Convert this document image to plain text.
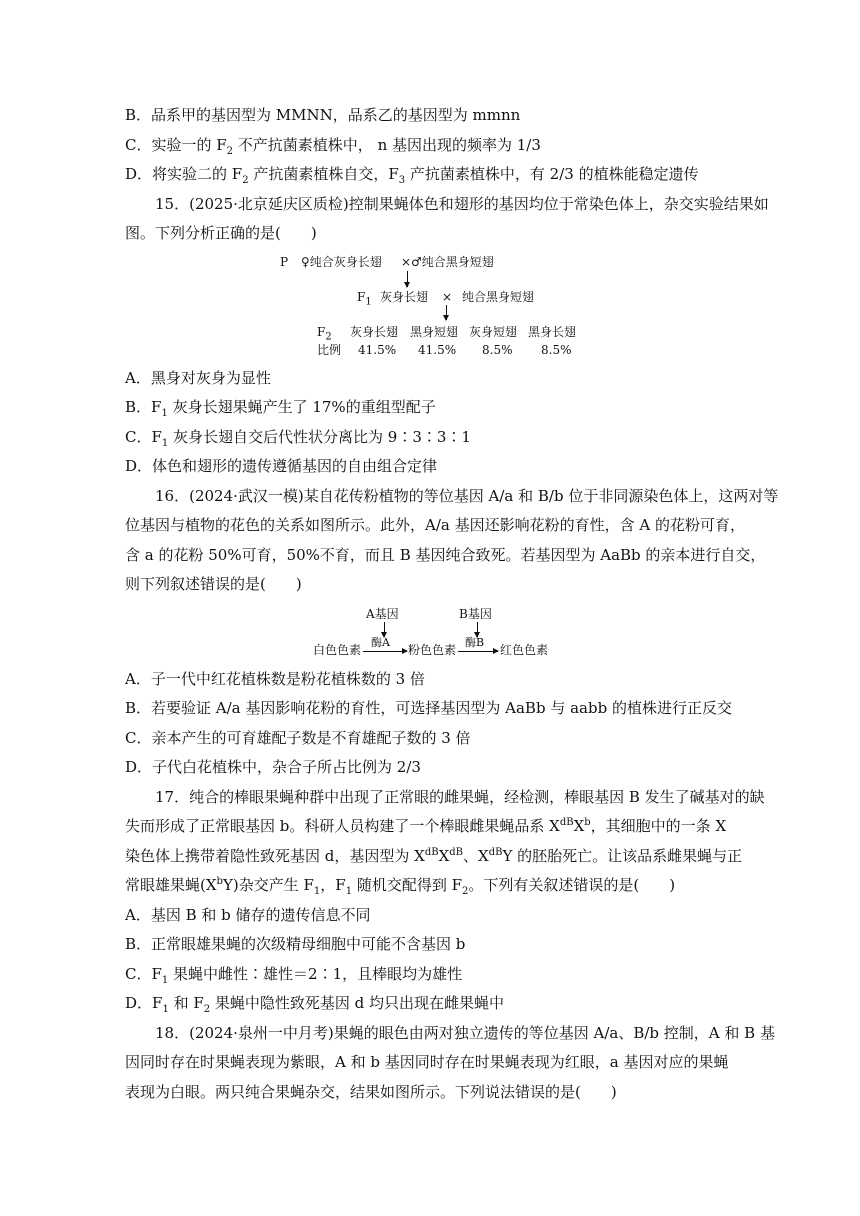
B．品系甲的基因型为 MMNN，品系乙的基因型为 mmnn
C．实验一的 $F_2$ 不产抗菌素植株中， n 基因出现的频率为 1/3
D．将实验二的 $F_2$ 产抗菌素植株自交，$F_3$ 产抗菌素植株中，有 2/3 的植株能稳定遗传
15．(2025·北京延庆区质检)控制果蝇体色和翅形的基因均位于常染色体上，杂交实验结果如
图。下列分析正确的是(　　)
P ♀纯合灰身长翅 × ♂纯合黑身短翅
$F_1$ 灰身长翅 × 纯合黑身短翅
$F_2$ 灰身长翅 黑身短翅 灰身短翅 黑身长翅
比例 41.5% 41.5% 8.5% 8.5%
A．黑身对灰身为显性
B．$F_1$ 灰身长翅果蝇产生了 17%的重组型配子
C．$F_1$ 灰身长翅自交后代性状分离比为 9∶3∶3∶1
D．体色和翅形的遗传遵循基因的自由组合定律
16．(2024·武汉一模)某自花传粉植物的等位基因 A/a 和 B/b 位于非同源染色体上，这两对等
位基因与植物的花色的关系如图所示。此外，A/a 基因还影响花粉的育性，含 A 的花粉可育，
含 a 的花粉 50%可育，50%不育，而且 B 基因纯合致死。若基因型为 AaBb 的亲本进行自交，
则下列叙述错误的是(　　)
A基因	B基因
酶A	酶B
白色色素	粉色色素	红色色素
A．子一代中红花植株数是粉花植株数的 3 倍
B．若要验证 A/a 基因影响花粉的育性，可选择基因型为 AaBb 与 aabb 的植株进行正反交
C．亲本产生的可育雄配子数是不育雄配子数的 3 倍
D．子代白花植株中，杂合子所占比例为 2/3
17．纯合的棒眼果蝇种群中出现了正常眼的雌果蝇，经检测，棒眼基因 B 发生了碱基对的缺
失而形成了正常眼基因 b。科研人员构建了一个棒眼雌果蝇品系 $X^{dB}X^b$，其细胞中的一条 X
染色体上携带着隐性致死基因 d，基因型为 $X^{dB}X^{dB}$、$X^{dB}Y$ 的胚胎死亡。让该品系雌果蝇与正
常眼雄果蝇$(X^bY)$杂交产生 $F_1$，$F_1$ 随机交配得到 $F_2$。下列有关叙述错误的是(　　)
A．基因 B 和 b 储存的遗传信息不同
B．正常眼雄果蝇的次级精母细胞中可能不含基因 b
C．$F_1$ 果蝇中雌性∶雄性＝2∶1，且棒眼均为雄性
D．$F_1$ 和 $F_2$ 果蝇中隐性致死基因 d 均只出现在雌果蝇中
18．(2024·泉州一中月考)果蝇的眼色由两对独立遗传的等位基因 A/a、B/b 控制，A 和 B 基
因同时存在时果蝇表现为紫眼，A 和 b 基因同时存在时果蝇表现为红眼，a 基因对应的果蝇
表现为白眼。两只纯合果蝇杂交，结果如图所示。下列说法错误的是(　　)
